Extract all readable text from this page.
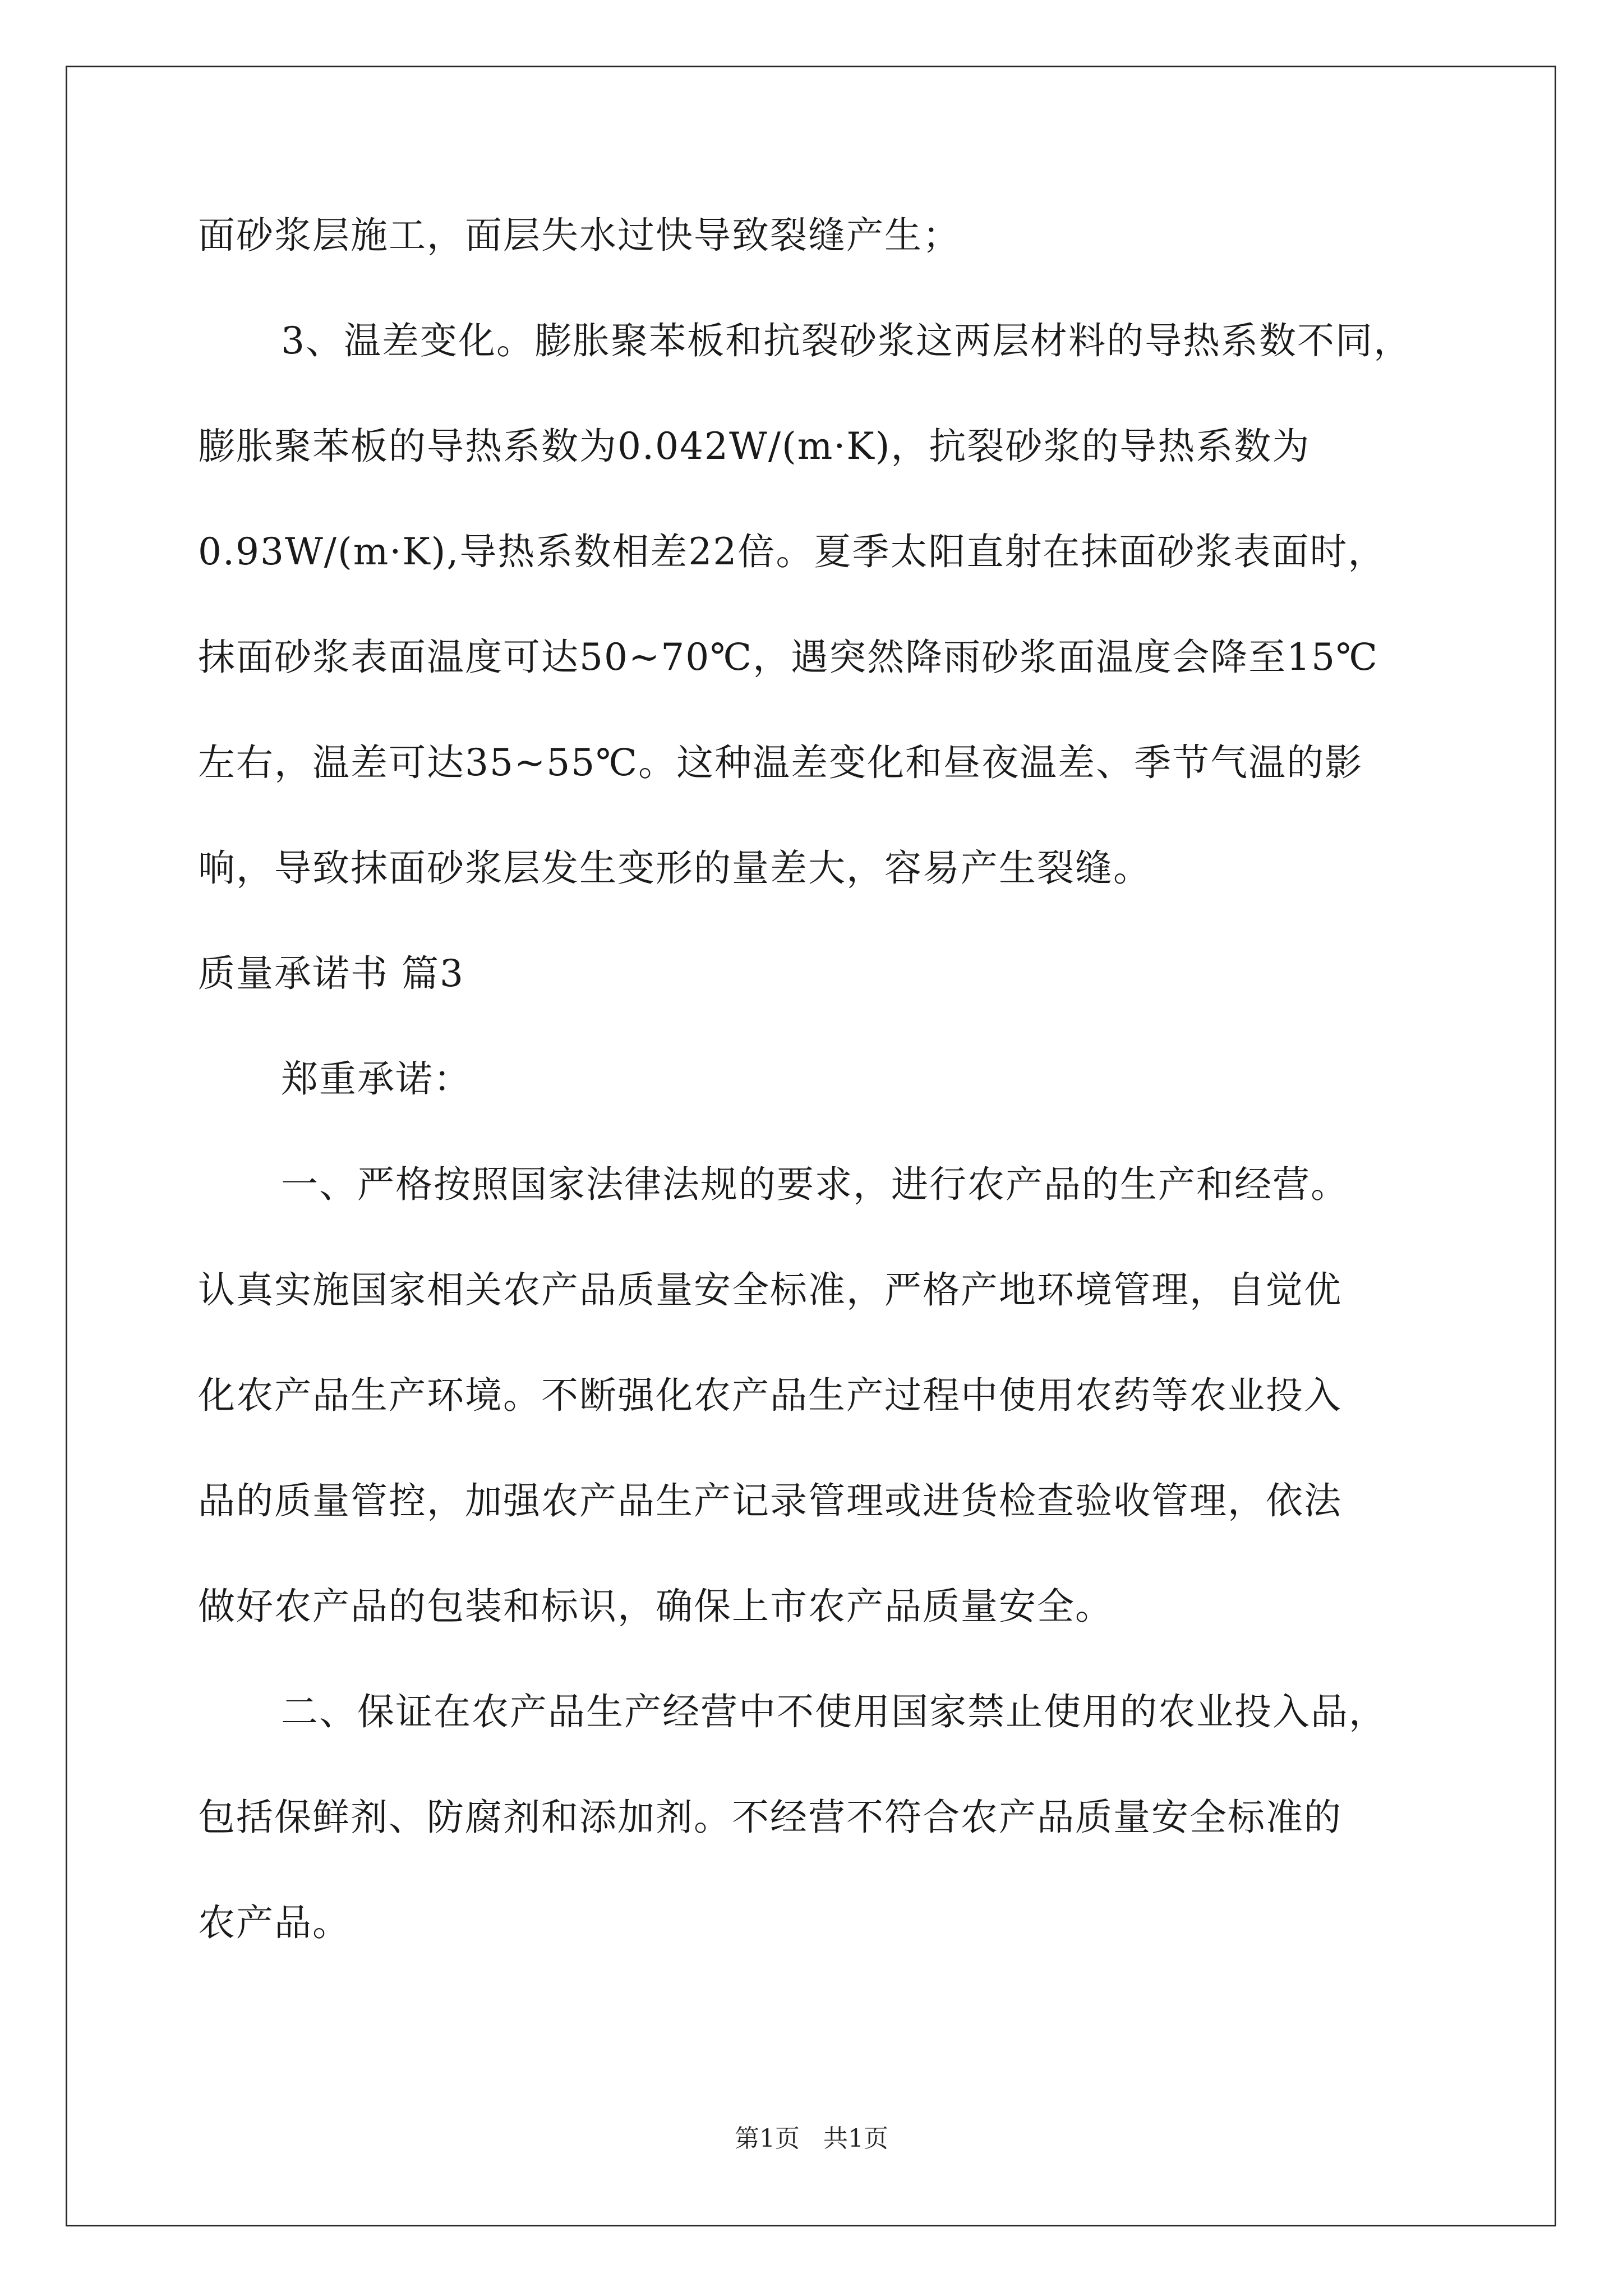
面砂浆层施工，面层失水过快导致裂缝产生；

3、温差变化。膨胀聚苯板和抗裂砂浆这两层材料的导热系数不同，

膨胀聚苯板的导热系数为0.042W/(m·K)，抗裂砂浆的导热系数为

0.93W/(m·K),导热系数相差22倍。夏季太阳直射在抹面砂浆表面时，

抹面砂浆表面温度可达50~70℃，遇突然降雨砂浆面温度会降至15℃

左右，温差可达35~55℃。这种温差变化和昼夜温差、季节气温的影

响，导致抹面砂浆层发生变形的量差大，容易产生裂缝。

质量承诺书 篇3

郑重承诺：

一、严格按照国家法律法规的要求，进行农产品的生产和经营。

认真实施国家相关农产品质量安全标准，严格产地环境管理，自觉优

化农产品生产环境。不断强化农产品生产过程中使用农药等农业投入

品的质量管控，加强农产品生产记录管理或进货检查验收管理，依法

做好农产品的包装和标识，确保上市农产品质量安全。

二、保证在农产品生产经营中不使用国家禁止使用的农业投入品，

包括保鲜剂、防腐剂和添加剂。不经营不符合农产品质量安全标准的

农产品。

第1页   共1页
